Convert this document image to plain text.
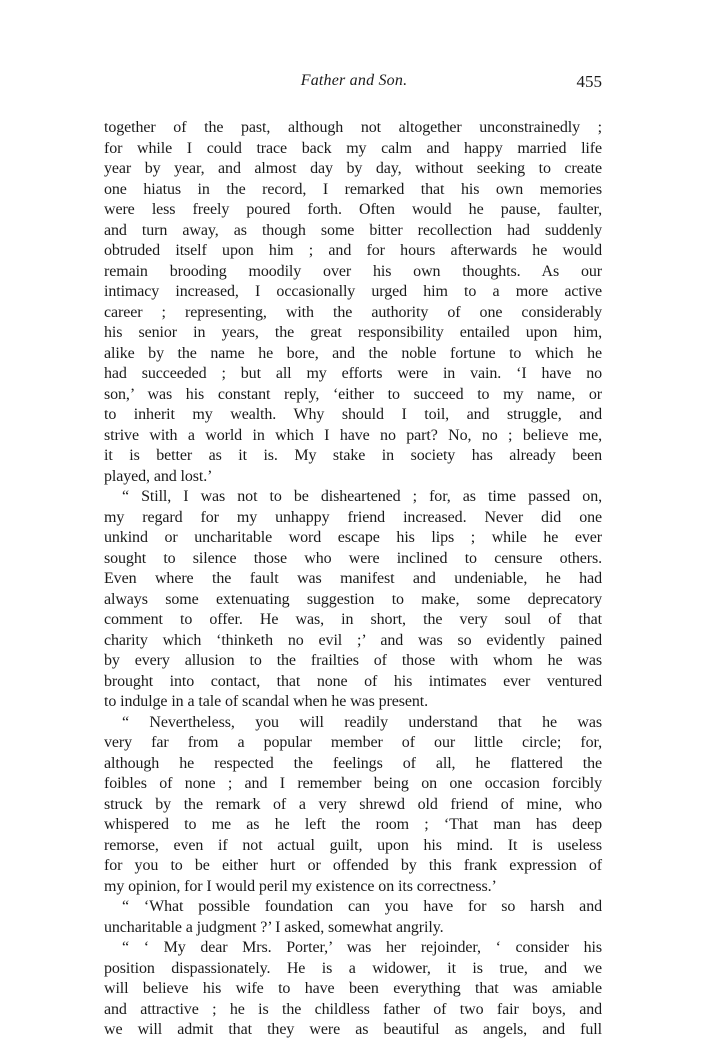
Father and Son.	455
together of the past, although not altogether unconstrainedly ;
for while I could trace back my calm and happy married life
year by year, and almost day by day, without seeking to create
one hiatus in the record, I remarked that his own memories
were less freely poured forth. Often would he pause, faulter,
and turn away, as though some bitter recollection had suddenly
obtruded itself upon him ; and for hours afterwards he would
remain brooding moodily over his own thoughts. As our
intimacy increased, I occasionally urged him to a more active
career ; representing, with the authority of one considerably
his senior in years, the great responsibility entailed upon him,
alike by the name he bore, and the noble fortune to which he
had succeeded ; but all my efforts were in vain. ‘I have no
son,’ was his constant reply, ‘either to succeed to my name, or
to inherit my wealth. Why should I toil, and struggle, and
strive with a world in which I have no part? No, no ; believe me,
it is better as it is. My stake in society has already been
played, and lost.’
“ Still, I was not to be disheartened ; for, as time passed on,
my regard for my unhappy friend increased. Never did one
unkind or uncharitable word escape his lips ; while he ever
sought to silence those who were inclined to censure others.
Even where the fault was manifest and undeniable, he had
always some extenuating suggestion to make, some deprecatory
comment to offer. He was, in short, the very soul of that
charity which ‘thinketh no evil ;’ and was so evidently pained
by every allusion to the frailties of those with whom he was
brought into contact, that none of his intimates ever ventured
to indulge in a tale of scandal when he was present.
“ Nevertheless, you will readily understand that he was
very far from a popular member of our little circle; for,
although he respected the feelings of all, he flattered the
foibles of none ; and I remember being on one occasion forcibly
struck by the remark of a very shrewd old friend of mine, who
whispered to me as he left the room ; ‘That man has deep
remorse, even if not actual guilt, upon his mind. It is useless
for you to be either hurt or offended by this frank expression of
my opinion, for I would peril my existence on its correctness.’
“ ‘What possible foundation can you have for so harsh and
uncharitable a judgment ?’ I asked, somewhat angrily.
“ ‘ My dear Mrs. Porter,’ was her rejoinder, ‘ consider his
position dispassionately. He is a widower, it is true, and we
will believe his wife to have been everything that was amiable
and attractive ; he is the childless father of two fair boys, and
we will admit that they were as beautiful as angels, and full
